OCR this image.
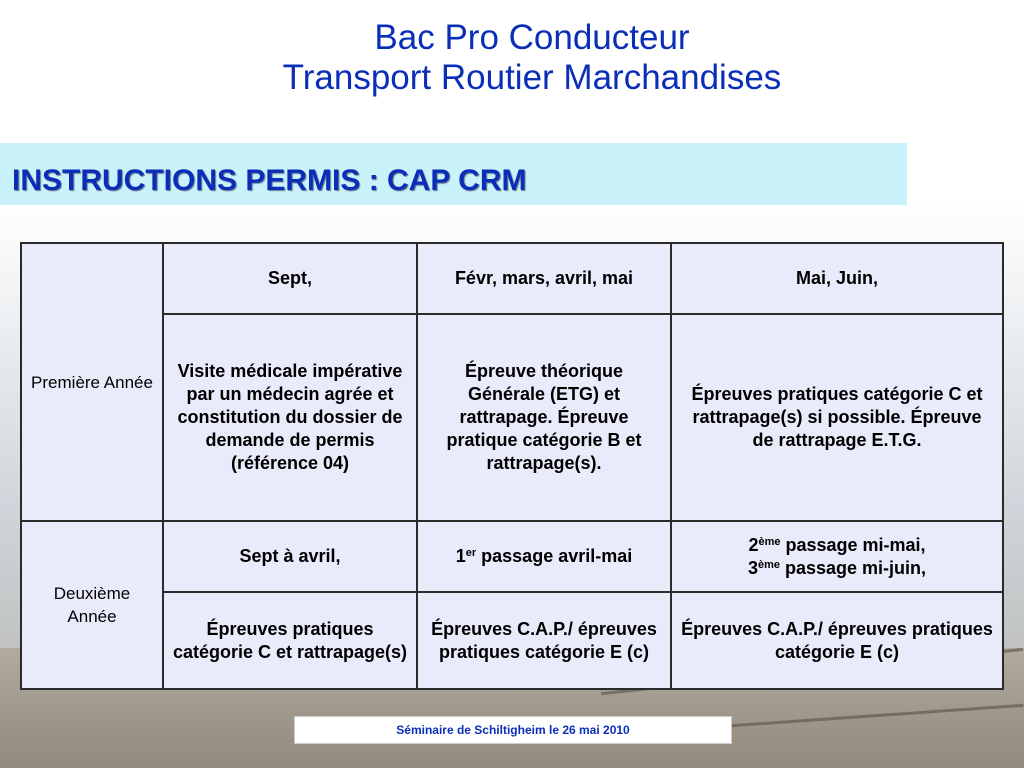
Bac Pro Conducteur
Transport Routier Marchandises
INSTRUCTIONS PERMIS : CAP CRM
Première Année	Sept,	Févr, mars, avril, mai	Mai, Juin,
	Visite médicale impérative par un médecin agrée et constitution du dossier de demande de permis (référence 04)	Épreuve théorique Générale (ETG) et rattrapage. Épreuve pratique catégorie B et rattrapage(s).	Épreuves pratiques catégorie C et rattrapage(s) si possible. Épreuve de rattrapage E.T.G.
Deuxième Année	Sept à avril,	1er passage avril-mai	2ème passage mi-mai,
3ème passage mi-juin,
	Épreuves pratiques catégorie C et rattrapage(s)	Épreuves C.A.P./ épreuves pratiques catégorie E (c)	Épreuves C.A.P./ épreuves pratiques catégorie E (c)
Séminaire de Schiltigheim le 26 mai 2010
